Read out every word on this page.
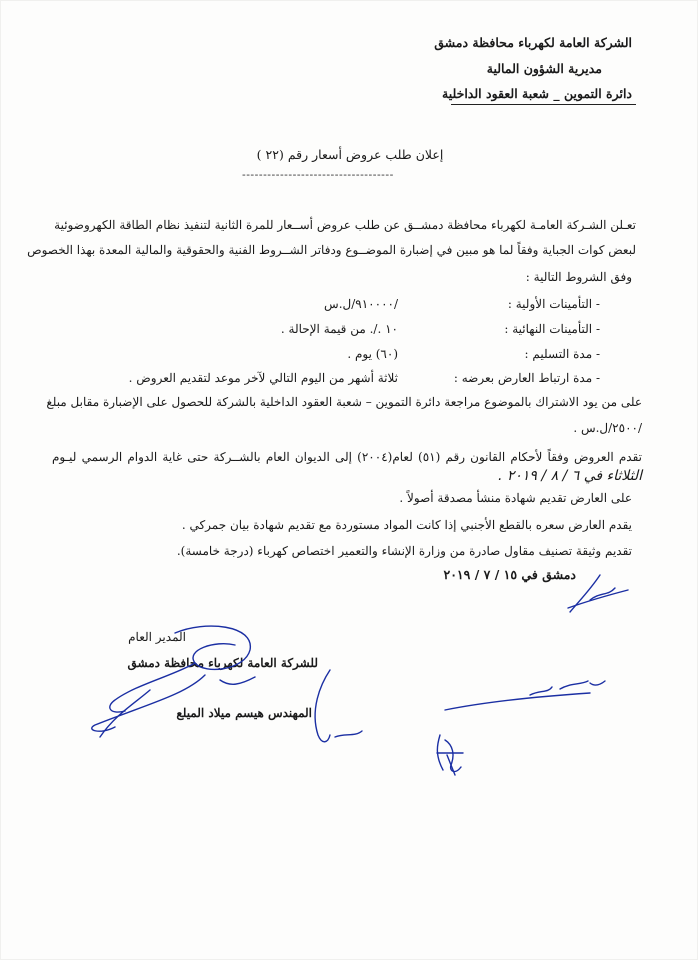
الشركة العامة لكهرباء محافظة دمشق
مديرية الشؤون المالية
دائرة التموين _ شعبة العقود الداخلية
إعلان طلب عروض أسعار رقم (٢٢ )
------------------------------------
تعـلن الشـركة العامـة لكهرباء محافظة دمشــق عن طلب عروض أســعار للمرة الثانية لتنفيذ نظام الطاقة الكهروضوئية
لبعض كوات الجباية وفقاً لما هو مبين في إضبارة الموضــوع ودفاتر الشــروط الفنية والحقوقية والمالية المعدة بهذا الخصوص
وفق الشروط التالية :
- التأمينات الأولية :
/٩١٠٠٠٠/ل.س
- التأمينات النهائية :
١٠ ./. من قيمة الإحالة .
- مدة التسليم :
(٦٠) يوم .
- مدة ارتباط العارض بعرضه :
ثلاثة أشهر من اليوم التالي لآخر موعد لتقديم العروض .
على من يود الاشتراك بالموضوع مراجعة دائرة التموين – شعبة العقود الداخلية بالشركة للحصول على الإضبارة مقابل مبلغ
/٢٥٠٠/ل.س .
تقدم العروض وفقاً لأحكام القانون رقم (٥١) لعام(٢٠٠٤) إلى الديوان العام بالشــركة حتى غاية الدوام الرسمي ليـوم
الثلاثاء في ٦ / ٨ / ٢٠١٩ .
على العارض تقديم شهادة منشأ مصدقة أصولاً .
يقدم العارض سعره بالقطع الأجنبي إذا كانت المواد مستوردة مع تقديم شهادة بيان جمركي .
تقديم وثيقة تصنيف مقاول صادرة من وزارة الإنشاء والتعمير اختصاص كهرباء (درجة خامسة).
دمشق في ١٥ / ٧ / ٢٠١٩
المدير العام
للشركة العامة لكهرباء محافظة دمشق
المهندس هيسم ميلاد الميلع
